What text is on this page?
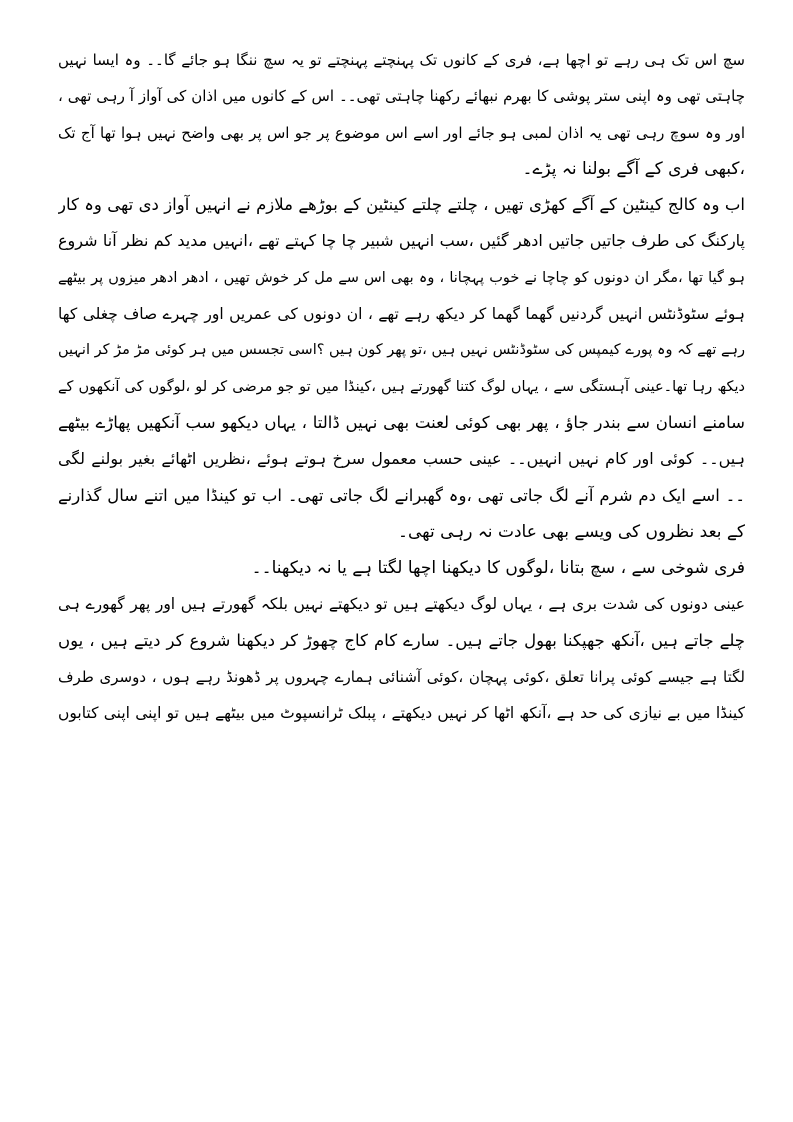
سچ اس تک ہی رہے تو اچھا ہے، فری کے کانوں تک پہنچتے پہنچتے تو یہ سچ ننگا ہو جائے گا۔۔ وہ ایسا نہیں
چاہتی تھی وہ اپنی ستر پوشی کا بھرم نبھائے رکھنا چاہتی تھی۔۔ اس کے کانوں میں اذان کی آواز آ رہی تھی ،
اور وہ سوچ رہی تھی یہ اذان لمبی ہو جائے اور اسے اس موضوع پر جو اس پر بھی واضح نہیں ہوا تھا آج تک
،کبھی فری کے آگے بولنا نہ پڑے۔
اب وہ کالج کینٹین کے آگے کھڑی تھیں ، چلتے چلتے کینٹین کے بوڑھے ملازم نے انہیں آواز دی تھی وہ کار
پارکنگ کی طرف جاتیں جاتیں ادھر گئیں ،سب انہیں شبیر چا چا کہتے تھے ،انہیں مدید کم نظر آنا شروع
ہو گیا تھا ،مگر ان دونوں کو چاچا نے خوب پہچانا ، وہ بھی اس سے مل کر خوش تھیں ، ادھر ادھر میزوں پر بیٹھے
ہوئے سٹوڈنٹس انہیں گردنیں گھما گھما کر دیکھ رہے تھے ، ان دونوں کی عمریں اور چہرے صاف چغلی کھا
رہے تھے کہ وہ پورے کیمپس کی سٹوڈنٹس نہیں ہیں ،تو پھر کون ہیں ؟اسی تجسس میں ہر کوئی مڑ مڑ کر انہیں
دیکھ رہا تھا۔عینی آہستگی سے ، یہاں لوگ کتنا گھورتے ہیں ،کینڈا میں تو جو مرضی کر لو ،لوگوں کی آنکھوں کے
سامنے انسان سے بندر جاؤ ، پھر بھی کوئی لعنت بھی نہیں ڈالتا ، یہاں دیکھو سب آنکھیں پھاڑے بیٹھے
ہیں۔۔ کوئی اور کام نہیں انہیں۔۔ عینی حسب معمول سرخ ہوتے ہوئے ،نظریں اٹھائے بغیر بولنے لگی
۔۔ اسے ایک دم شرم آنے لگ جاتی تھی ،وہ گھبرانے لگ جاتی تھی۔ اب تو کینڈا میں اتنے سال گذارنے
کے بعد نظروں کی ویسے بھی عادت نہ رہی تھی۔
فری شوخی سے ، سچ بتانا ،لوگوں کا دیکھنا اچھا لگتا ہے یا نہ دیکھنا۔۔
عینی دونوں کی شدت بری ہے ، یہاں لوگ دیکھتے ہیں تو دیکھتے نہیں بلکہ گھورتے ہیں اور پھر گھورے ہی
چلے جاتے ہیں ،آنکھ جھپکنا بھول جاتے ہیں۔ سارے کام کاج چھوڑ کر دیکھنا شروع کر دیتے ہیں ، یوں
لگتا ہے جیسے کوئی پرانا تعلق ،کوئی پہچان ،کوئی آشنائی ہمارے چہروں پر ڈھونڈ رہے ہوں ، دوسری طرف
کینڈا میں بے نیازی کی حد ہے ،آنکھ اٹھا کر نہیں دیکھتے ، پبلک ٹرانسپوٹ میں بیٹھے ہیں تو اپنی اپنی کتابوں
